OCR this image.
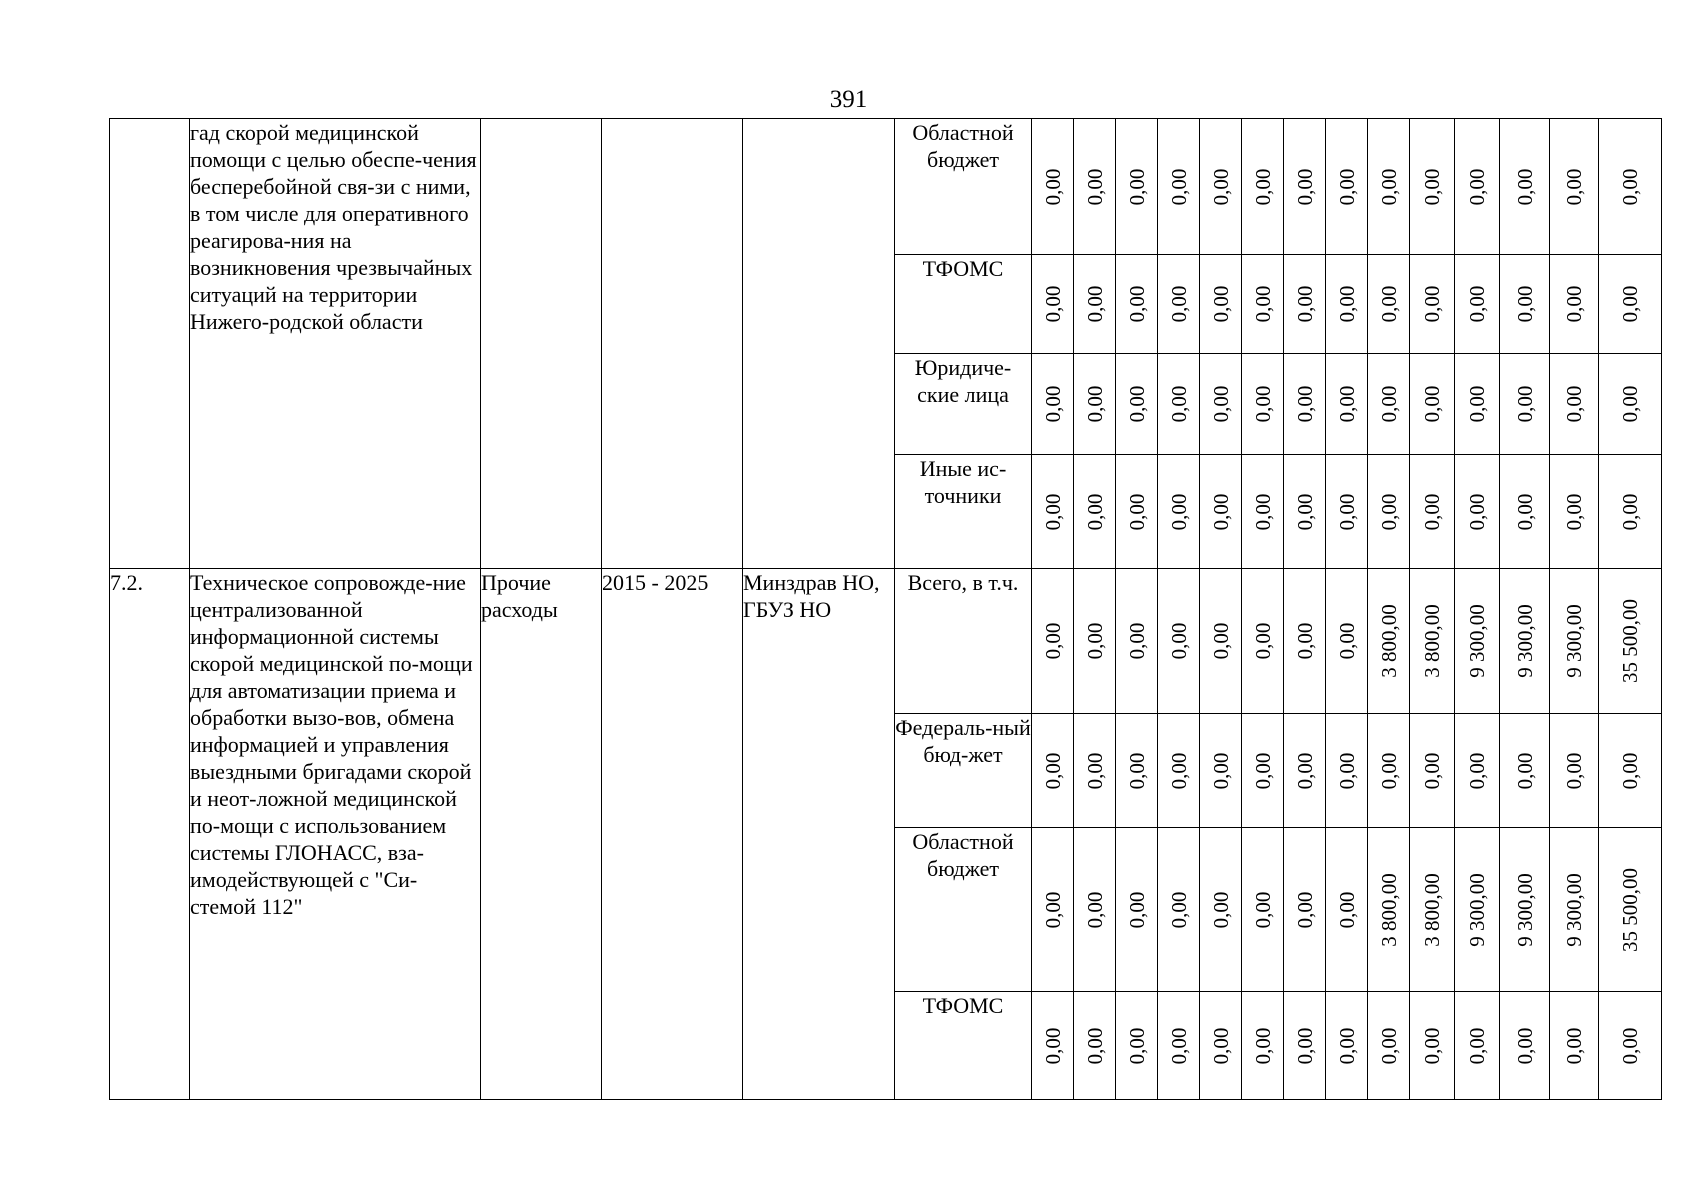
391
	гад скорой медицинской помощи с целью обеспе-чения бесперебойной свя-зи с ними, в том числе для оперативного реагирова-ния на возникновения чрезвычайных ситуаций на территории Нижего-родской области				Областной бюджет	0,00	0,00	0,00	0,00	0,00	0,00	0,00	0,00	0,00	0,00	0,00	0,00	0,00	0,00

					ТФОМС	0,00	0,00	0,00	0,00	0,00	0,00	0,00	0,00	0,00	0,00	0,00	0,00	0,00	0,00

					Юридиче-ские лица	0,00	0,00	0,00	0,00	0,00	0,00	0,00	0,00	0,00	0,00	0,00	0,00	0,00	0,00

					Иные ис-точники	0,00	0,00	0,00	0,00	0,00	0,00	0,00	0,00	0,00	0,00	0,00	0,00	0,00	0,00

7.2.	Техническое сопровожде-ние централизованной информационной системы скорой медицинской по-мощи для автоматизации приема и обработки вызо-вов, обмена информацией и управления выездными бригадами скорой и неот-ложной медицинской по-мощи с использованием системы ГЛОНАСС, вза-имодействующей с "Си-стемой 112"	Прочие расходы	2015 - 2025	Минздрав НО, ГБУЗ НО	Всего, в т.ч.	0,00	0,00	0,00	0,00	0,00	0,00	0,00	0,00	3 800,00	3 800,00	9 300,00	9 300,00	9 300,00	35 500,00

					Федераль-ный бюд-жет	0,00	0,00	0,00	0,00	0,00	0,00	0,00	0,00	0,00	0,00	0,00	0,00	0,00	0,00

					Областной бюджет	0,00	0,00	0,00	0,00	0,00	0,00	0,00	0,00	3 800,00	3 800,00	9 300,00	9 300,00	9 300,00	35 500,00

					ТФОМС	0,00	0,00	0,00	0,00	0,00	0,00	0,00	0,00	0,00	0,00	0,00	0,00	0,00	0,00
